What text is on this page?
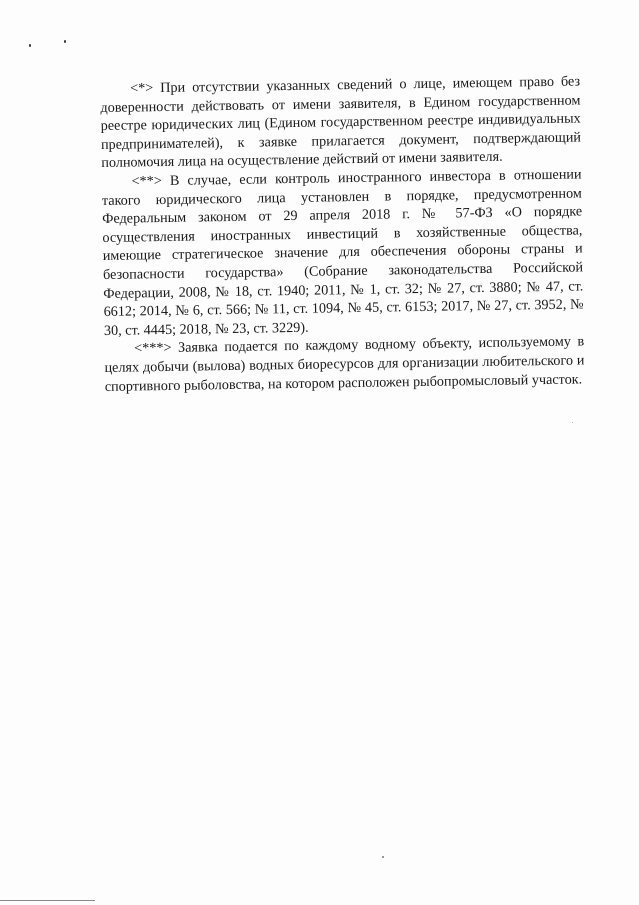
<*> При отсутствии указанных сведений о лице, имеющем право без доверенности действовать от имени заявителя, в Едином государственном реестре юридических лиц (Едином государственном реестре индивидуальных предпринимателей), к заявке прилагается документ, подтверждающий полномочия лица на осуществление действий от имени заявителя.

<**> В случае, если контроль иностранного инвестора в отношении такого юридического лица установлен в порядке, предусмотренном Федеральным законом от 29 апреля 2018 г. № 57-ФЗ «О порядке осуществления иностранных инвестиций в хозяйственные общества, имеющие стратегическое значение для обеспечения обороны страны и безопасности государства» (Собрание законодательства Российской Федерации, 2008, № 18, ст. 1940; 2011, № 1, ст. 32; № 27, ст. 3880; № 47, ст. 6612; 2014, № 6, ст. 566; № 11, ст. 1094, № 45, ст. 6153; 2017, № 27, ст. 3952, № 30, ст. 4445; 2018, № 23, ст. 3229).

<***> Заявка подается по каждому водному объекту, используемому в целях добычи (вылова) водных биоресурсов для организации любительского и спортивного рыболовства, на котором расположен рыбопромысловый участок.
